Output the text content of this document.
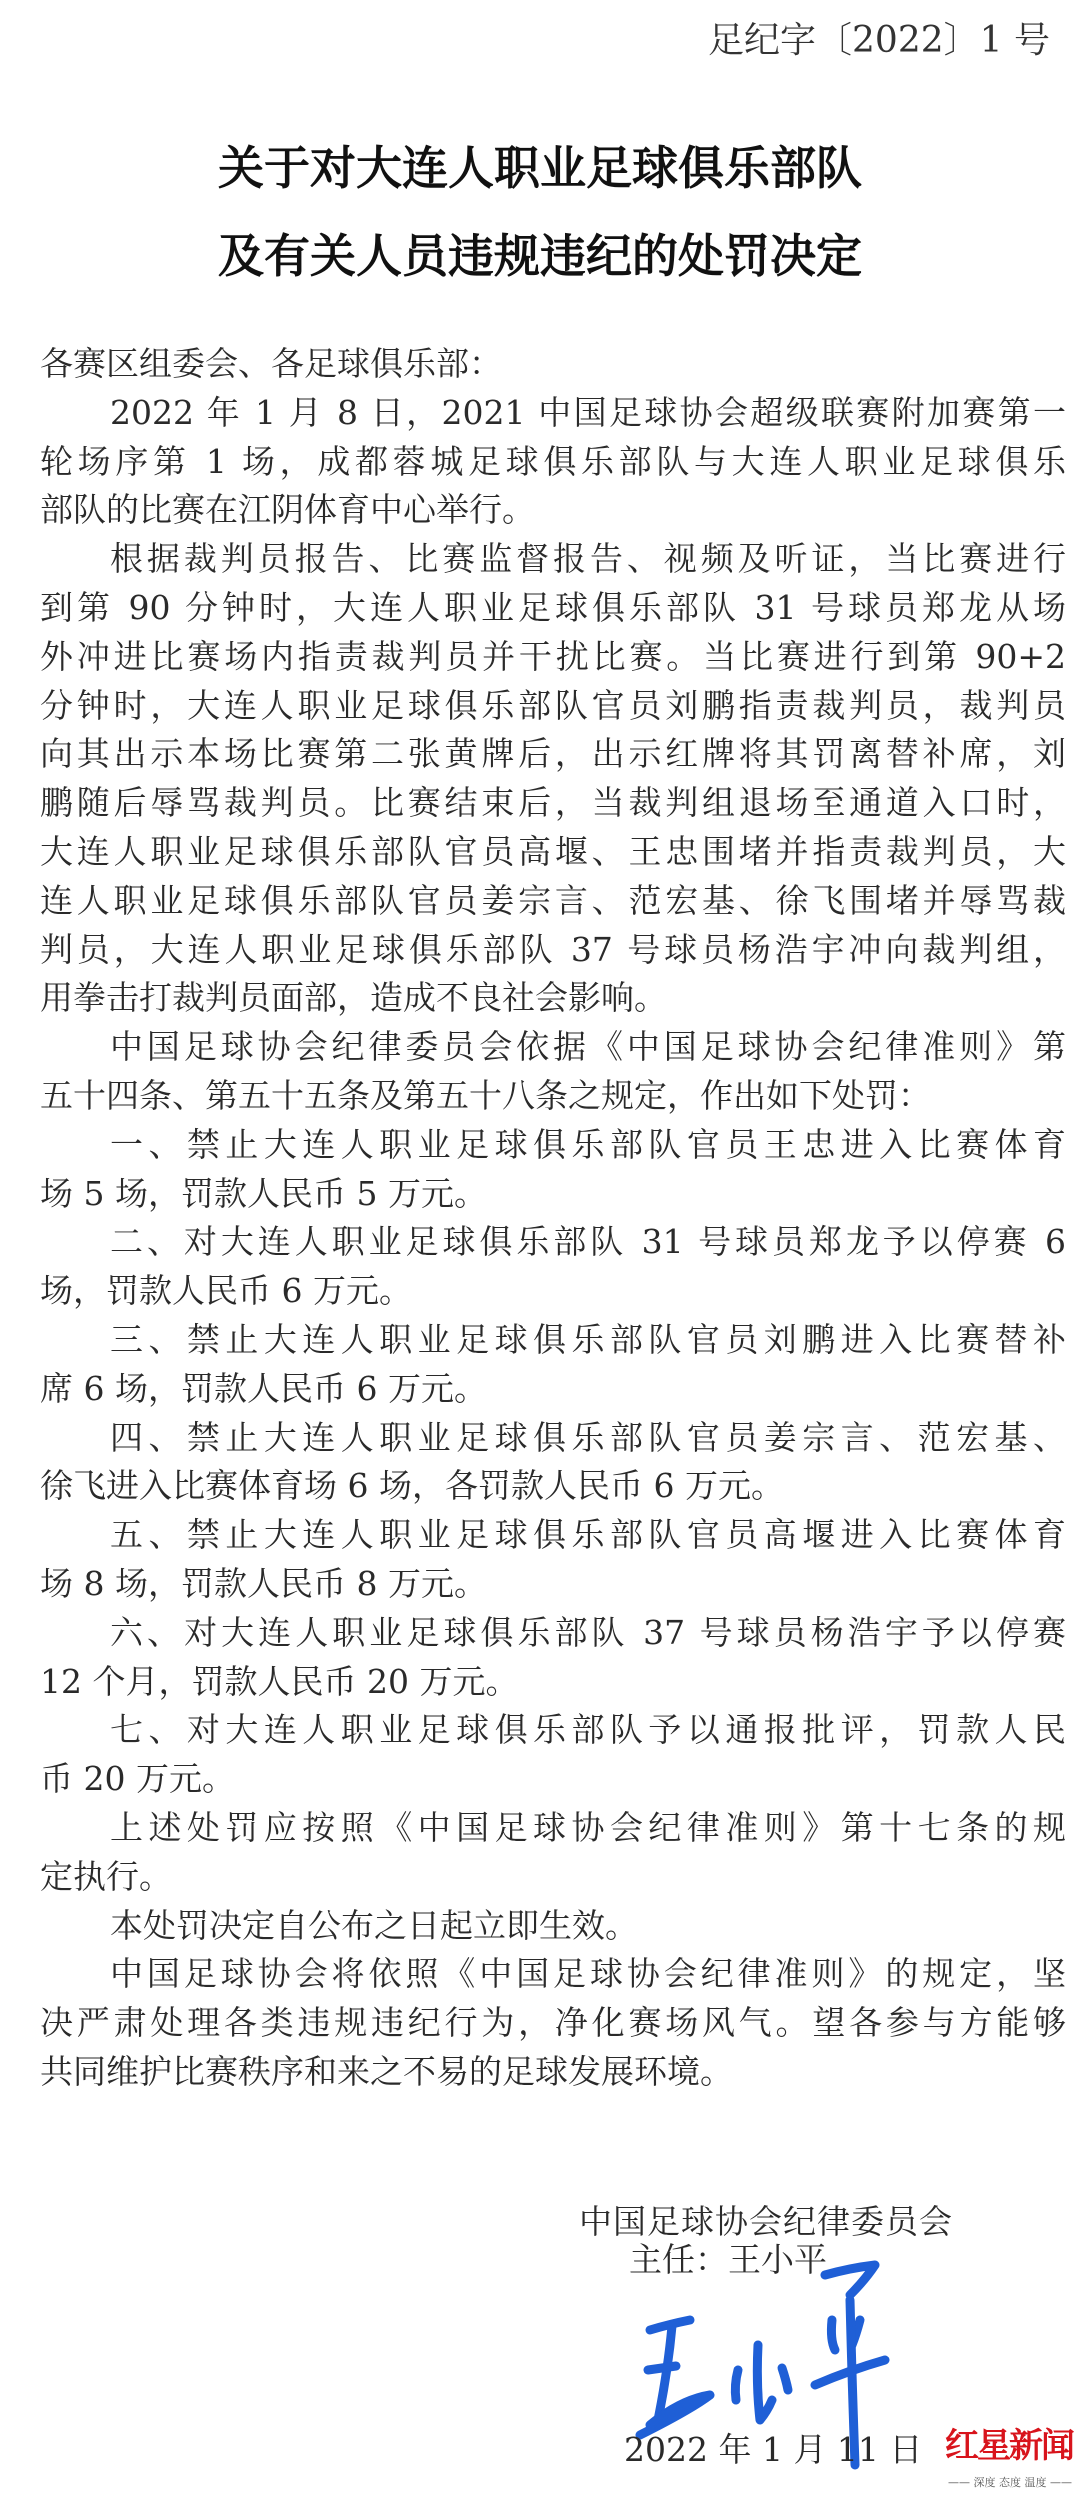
足纪字〔2022〕1 号
关于对大连人职业足球俱乐部队
及有关人员违规违纪的处罚决定
各赛区组委会、各足球俱乐部：
2022 年 1 月 8 日，2021 中国足球协会超级联赛附加赛第一
轮场序第 1 场，成都蓉城足球俱乐部队与大连人职业足球俱乐
部队的比赛在江阴体育中心举行。
根据裁判员报告、比赛监督报告、视频及听证，当比赛进行
到第 90 分钟时，大连人职业足球俱乐部队 31 号球员郑龙从场
外冲进比赛场内指责裁判员并干扰比赛。当比赛进行到第 90+2
分钟时，大连人职业足球俱乐部队官员刘鹏指责裁判员，裁判员
向其出示本场比赛第二张黄牌后，出示红牌将其罚离替补席，刘
鹏随后辱骂裁判员。比赛结束后，当裁判组退场至通道入口时，
大连人职业足球俱乐部队官员高堰、王忠围堵并指责裁判员，大
连人职业足球俱乐部队官员姜宗言、范宏基、徐飞围堵并辱骂裁
判员，大连人职业足球俱乐部队 37 号球员杨浩宇冲向裁判组，
用拳击打裁判员面部，造成不良社会影响。
中国足球协会纪律委员会依据《中国足球协会纪律准则》第
五十四条、第五十五条及第五十八条之规定，作出如下处罚：
一、禁止大连人职业足球俱乐部队官员王忠进入比赛体育
场 5 场，罚款人民币 5 万元。
二、对大连人职业足球俱乐部队 31 号球员郑龙予以停赛 6
场，罚款人民币 6 万元。
三、禁止大连人职业足球俱乐部队官员刘鹏进入比赛替补
席 6 场，罚款人民币 6 万元。
四、禁止大连人职业足球俱乐部队官员姜宗言、范宏基、
徐飞进入比赛体育场 6 场，各罚款人民币 6 万元。
五、禁止大连人职业足球俱乐部队官员高堰进入比赛体育
场 8 场，罚款人民币 8 万元。
六、对大连人职业足球俱乐部队 37 号球员杨浩宇予以停赛
12 个月，罚款人民币 20 万元。
七、对大连人职业足球俱乐部队予以通报批评，罚款人民
币 20 万元。
上述处罚应按照《中国足球协会纪律准则》第十七条的规
定执行。
本处罚决定自公布之日起立即生效。
中国足球协会将依照《中国足球协会纪律准则》的规定，坚
决严肃处理各类违规违纪行为，净化赛场风气。望各参与方能够
共同维护比赛秩序和来之不易的足球发展环境。
中国足球协会纪律委员会
主任：王小平
2022 年 1 月 11 日 红星新闻
—— 深度 态度 温度 ——
